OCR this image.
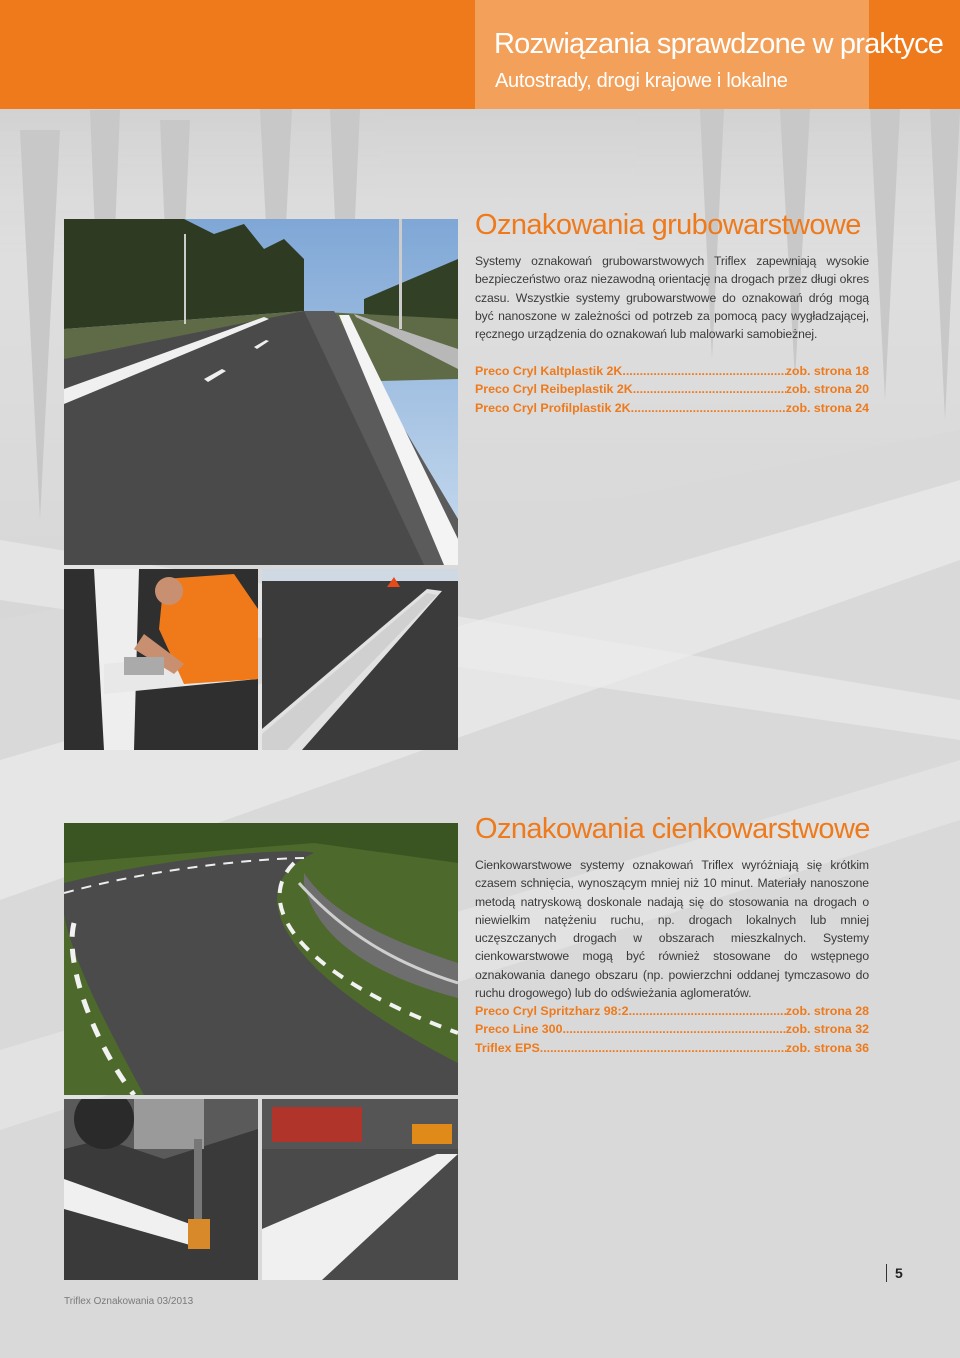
Rozwiązania sprawdzone w praktyce
Autostrady, drogi krajowe i lokalne
Oznakowania grubowarstwowe

Systemy oznakowań grubowarstwowych Triflex zapewniają wysokie bezpieczeństwo oraz niezawodną orientację na drogach przez długi okres czasu. Wszystkie systemy grubowarstwowe do oznakowań dróg mogą być nanoszone w zależności od potrzeb za pomocą pacy wygładzającej, ręcznego urządzenia do oznakowań lub malowarki samobieżnej.

Preco Cryl Kaltplastik 2K .....	zob. strona 18
Preco Cryl Reibeplastik 2K .....	zob. strona 20
Preco Cryl Profilplastik 2K .....	zob. strona 24
Oznakowania cienkowarstwowe

Cienkowarstwowe systemy oznakowań Triflex wyróżniają się krótkim czasem schnięcia, wynoszącym mniej niż 10 minut. Materiały nanoszone metodą natryskową doskonale nadają się do stosowania na drogach o niewielkim natężeniu ruchu, np. drogach lokalnych lub mniej uczęszczanych drogach w obszarach mieszkalnych. Systemy cienkowarstwowe mogą być również stosowane do wstępnego oznakowania danego obszaru (np. powierzchni oddanej tymczasowo do ruchu drogowego) lub do odświeżania aglomeratów.

Preco Cryl Spritzharz 98:2 .....	zob. strona 28
Preco Line 300 .....	zob. strona 32
Triflex EPS .....	zob. strona 36
Triflex Oznakowania 03/2013
5
